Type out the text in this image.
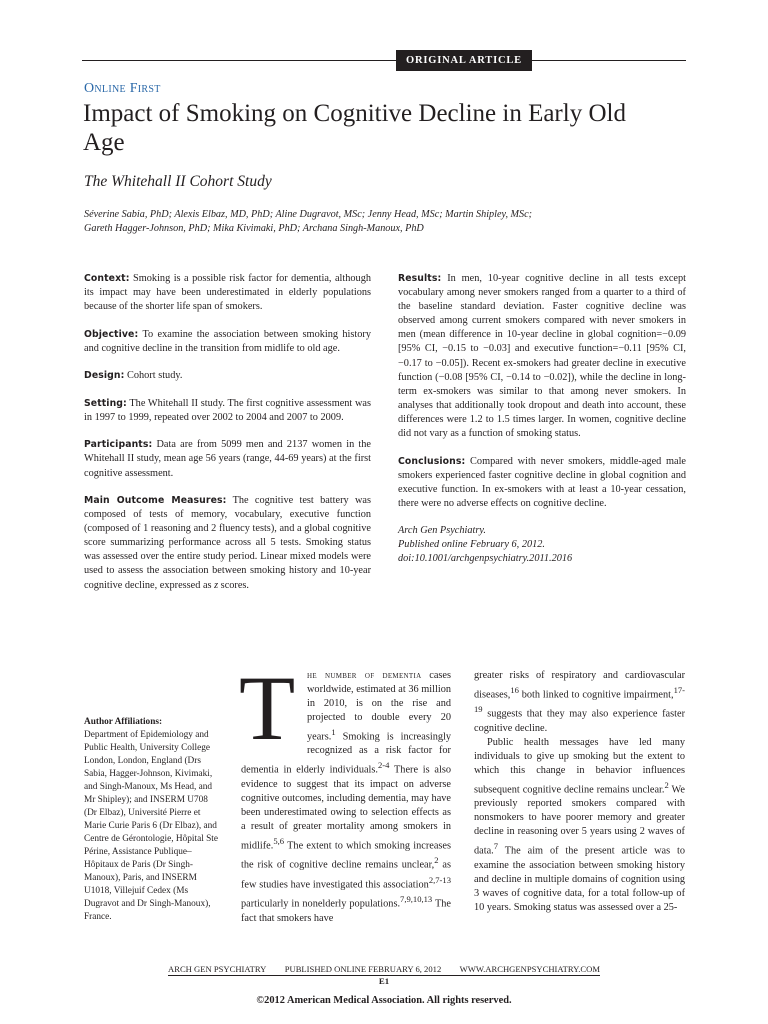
ORIGINAL ARTICLE
Online First
Impact of Smoking on Cognitive Decline in Early Old Age
The Whitehall II Cohort Study
Séverine Sabia, PhD; Alexis Elbaz, MD, PhD; Aline Dugravot, MSc; Jenny Head, MSc; Martin Shipley, MSc;
Gareth Hagger-Johnson, PhD; Mika Kivimaki, PhD; Archana Singh-Manoux, PhD

Context: Smoking is a possible risk factor for dementia, although its impact may have been underestimated in elderly populations because of the shorter life span of smokers.

Objective: To examine the association between smoking history and cognitive decline in the transition from midlife to old age.

Design: Cohort study.

Setting: The Whitehall II study. The first cognitive assessment was in 1997 to 1999, repeated over 2002 to 2004 and 2007 to 2009.

Participants: Data are from 5099 men and 2137 women in the Whitehall II study, mean age 56 years (range, 44-69 years) at the first cognitive assessment.

Main Outcome Measures: The cognitive test battery was composed of tests of memory, vocabulary, executive function (composed of 1 reasoning and 2 fluency tests), and a global cognitive score summarizing performance across all 5 tests. Smoking status was assessed over the entire study period. Linear mixed models were used to assess the association between smoking history and 10-year cognitive decline, expressed as z scores.

Results: In men, 10-year cognitive decline in all tests except vocabulary among never smokers ranged from a quarter to a third of the baseline standard deviation. Faster cognitive decline was observed among current smokers compared with never smokers in men (mean difference in 10-year decline in global cognition=−0.09 [95% CI, −0.15 to −0.03] and executive function=−0.11 [95% CI, −0.17 to −0.05]). Recent ex-smokers had greater decline in executive function (−0.08 [95% CI, −0.14 to −0.02]), while the decline in long-term ex-smokers was similar to that among never smokers. In analyses that additionally took dropout and death into account, these differences were 1.2 to 1.5 times larger. In women, cognitive decline did not vary as a function of smoking status.

Conclusions: Compared with never smokers, middle-aged male smokers experienced faster cognitive decline in global cognition and executive function. In ex-smokers with at least a 10-year cessation, there were no adverse effects on cognitive decline.

Arch Gen Psychiatry.
Published online February 6, 2012.
doi:10.1001/archgenpsychiatry.2011.2016
Author Affiliations:
Department of Epidemiology and Public Health, University College London, London, England (Drs Sabia, Hagger-Johnson, Kivimaki, and Singh-Manoux, Ms Head, and Mr Shipley); and INSERM U708 (Dr Elbaz), Université Pierre et Marie Curie Paris 6 (Dr Elbaz), and Centre de Gérontologie, Hôpital Ste Périne, Assistance Publique–Hôpitaux de Paris (Dr Singh-Manoux), Paris, and INSERM U1018, Villejuif Cedex (Ms Dugravot and Dr Singh-Manoux), France.
T	he number of dementia cases worldwide, estimated at 36 million in 2010, is on the rise and projected to double every 20 years.$^1$ Smoking is increasingly recognized as a risk factor for dementia in elderly individuals.$^{2-4}$ There is also evidence to suggest that its impact on adverse cognitive outcomes, including dementia, may have been underestimated owing to selection effects as a result of greater mortality among smokers in midlife.$^{5,6}$ The extent to which smoking increases the risk of cognitive decline remains unclear,$^2$ as few studies have investigated this association$^{2,7-13}$ particularly in nonelderly populations.$^{7,9,10,13}$ The fact that smokers have

greater risks of respiratory and cardiovascular diseases,$^{16}$ both linked to cognitive impairment,$^{17-19}$ suggests that they may also experience faster cognitive decline.

Public health messages have led many individuals to give up smoking but the extent to which this change in behavior influences subsequent cognitive decline remains unclear.$^2$ We previously reported smokers compared with nonsmokers to have poorer memory and greater decline in reasoning over 5 years using 2 waves of data.$^7$ The aim of the present article was to examine the association between smoking history and decline in multiple domains of cognition using 3 waves of cognitive data, for a total follow-up of 10 years. Smoking status was assessed over a 25-

ARCH GEN PSYCHIATRY PUBLISHED ONLINE FEBRUARY 6, 2012 WWW.ARCHGENPSYCHIATRY.COM
E1
©2012 American Medical Association. All rights reserved.
